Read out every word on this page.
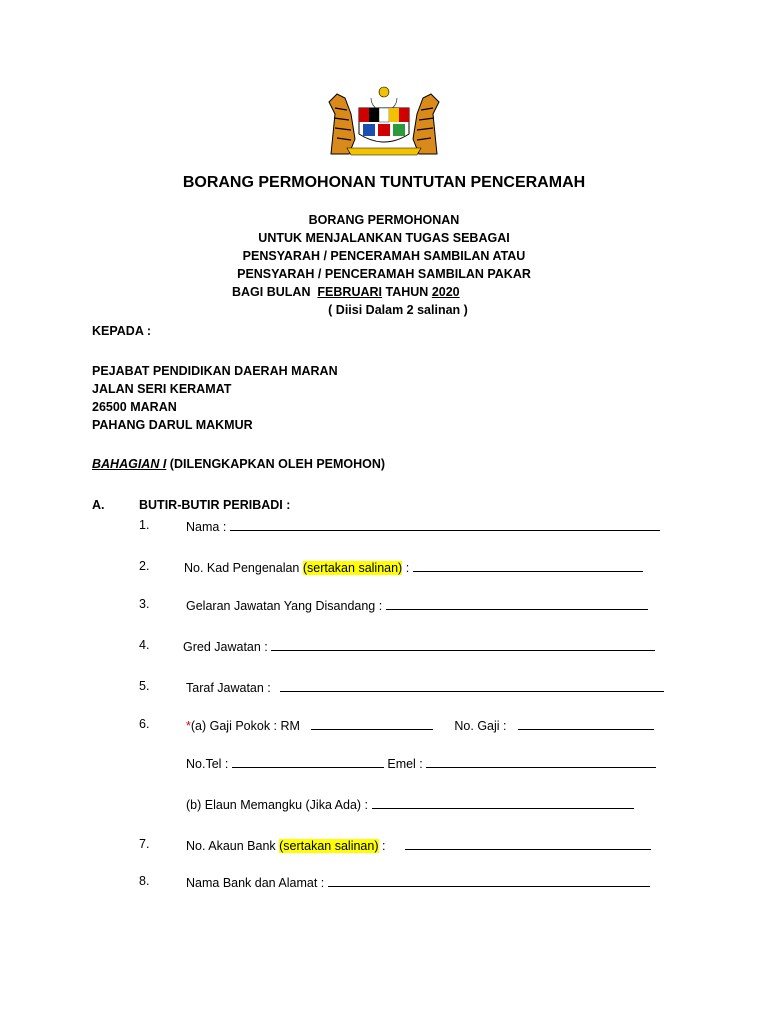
BORANG PERMOHONAN TUNTUTAN PENCERAMAH
BORANG PERMOHONAN
UNTUK MENJALANKAN TUGAS SEBAGAI
PENSYARAH / PENCERAMAH SAMBILAN ATAU
PENSYARAH / PENCERAMAH SAMBILAN PAKAR
BAGI BULAN FEBRUARI TAHUN 2020
( Diisi Dalam 2 salinan )
KEPADA :
PEJABAT PENDIDIKAN DAERAH MARAN
JALAN SERI KERAMAT
26500 MARAN
PAHANG DARUL MAKMUR
BAHAGIAN I (DILENGKAPKAN OLEH PEMOHON)
A.	BUTIR-BUTIR PERIBADI :
1.	Nama :
2.	No. Kad Pengenalan (sertakan salinan) :
3.	Gelaran Jawatan Yang Disandang :
4.	Gred Jawatan :
5.	Taraf Jawatan :
6.	*(a) Gaji Pokok : RM	No. Gaji :
No.Tel :	Emel :
(b) Elaun Memangku (Jika Ada) :
7.	No. Akaun Bank (sertakan salinan) :
8.	Nama Bank dan Alamat :
